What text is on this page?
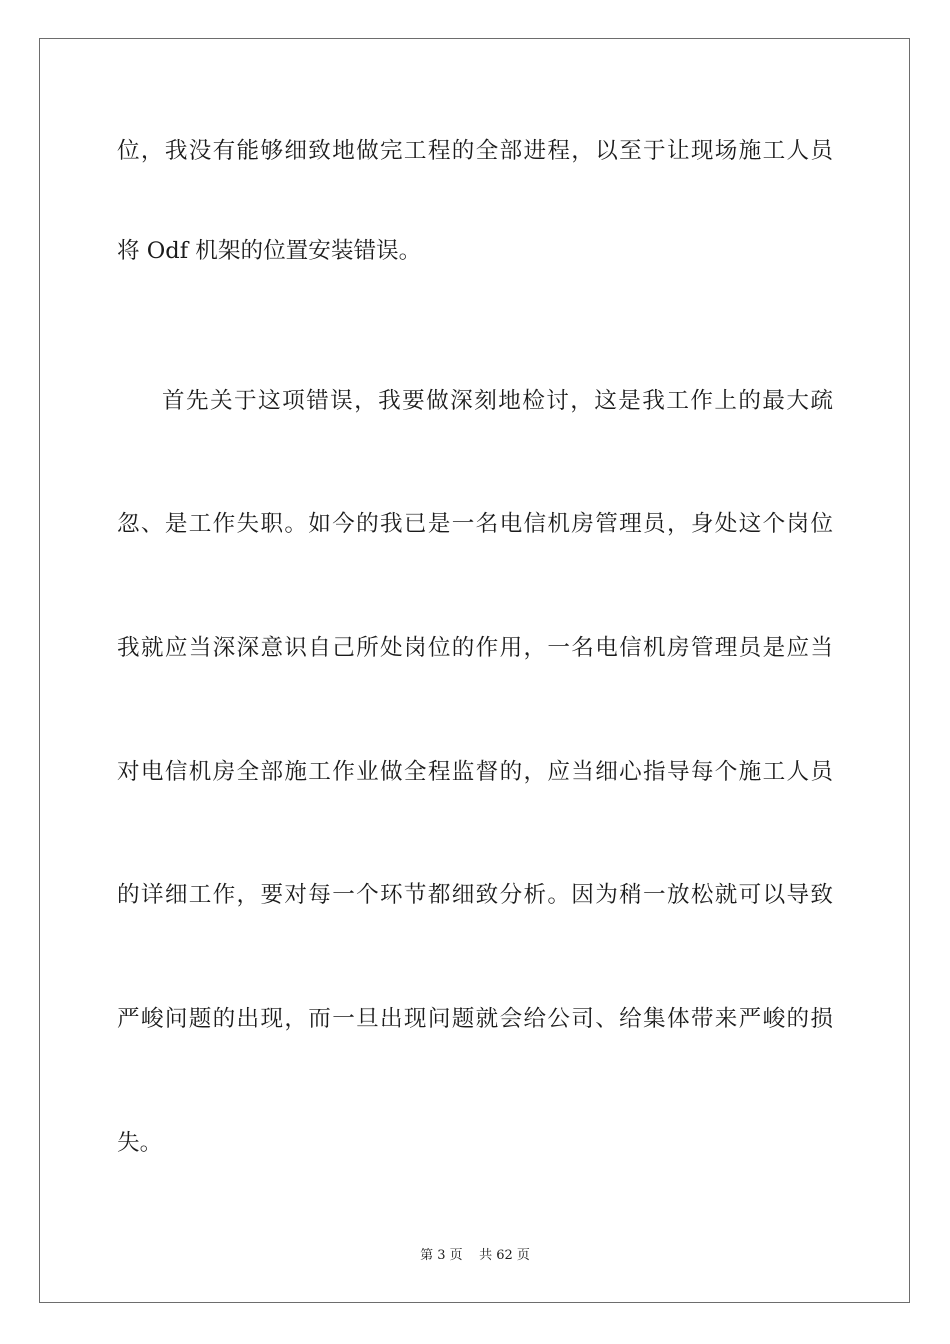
位，我没有能够细致地做完工程的全部进程，以至于让现场施工人员
将 Odf 机架的位置安装错误。
首先关于这项错误，我要做深刻地检讨，这是我工作上的最大疏
忽、是工作失职。如今的我已是一名电信机房管理员，身处这个岗位
我就应当深深意识自己所处岗位的作用，一名电信机房管理员是应当
对电信机房全部施工作业做全程监督的，应当细心指导每个施工人员
的详细工作，要对每一个环节都细致分析。因为稍一放松就可以导致
严峻问题的出现，而一旦出现问题就会给公司、给集体带来严峻的损
失。
第 3 页    共 62 页
